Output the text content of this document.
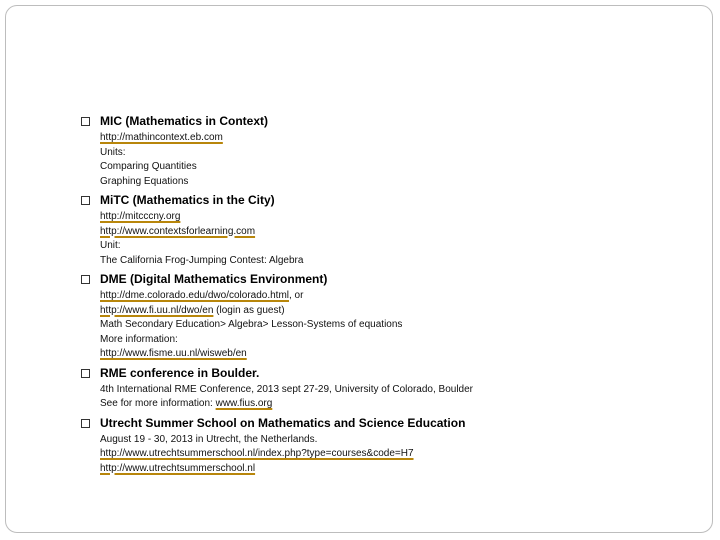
MIC (Mathematics in Context)
http://mathincontext.eb.com
Units:
Comparing Quantities
Graphing Equations
MiTC (Mathematics in the City)
http://mitcccny.org
http://www.contextsforlearning.com
Unit:
The California Frog-Jumping Contest: Algebra
DME (Digital Mathematics Environment)
http://dme.colorado.edu/dwo/colorado.html, or
http://www.fi.uu.nl/dwo/en (login as guest)
Math Secondary Education> Algebra> Lesson-Systems of equations
More information:
http://www.fisme.uu.nl/wisweb/en
RME conference in Boulder.
4th International RME Conference, 2013 sept 27-29, University of Colorado, Boulder
See for more information: www.fius.org
Utrecht Summer School on Mathematics and Science Education
August 19 - 30, 2013 in Utrecht, the Netherlands.
http://www.utrechtsummerschool.nl/index.php?type=courses&code=H7
http://www.utrechtsummerschool.nl
